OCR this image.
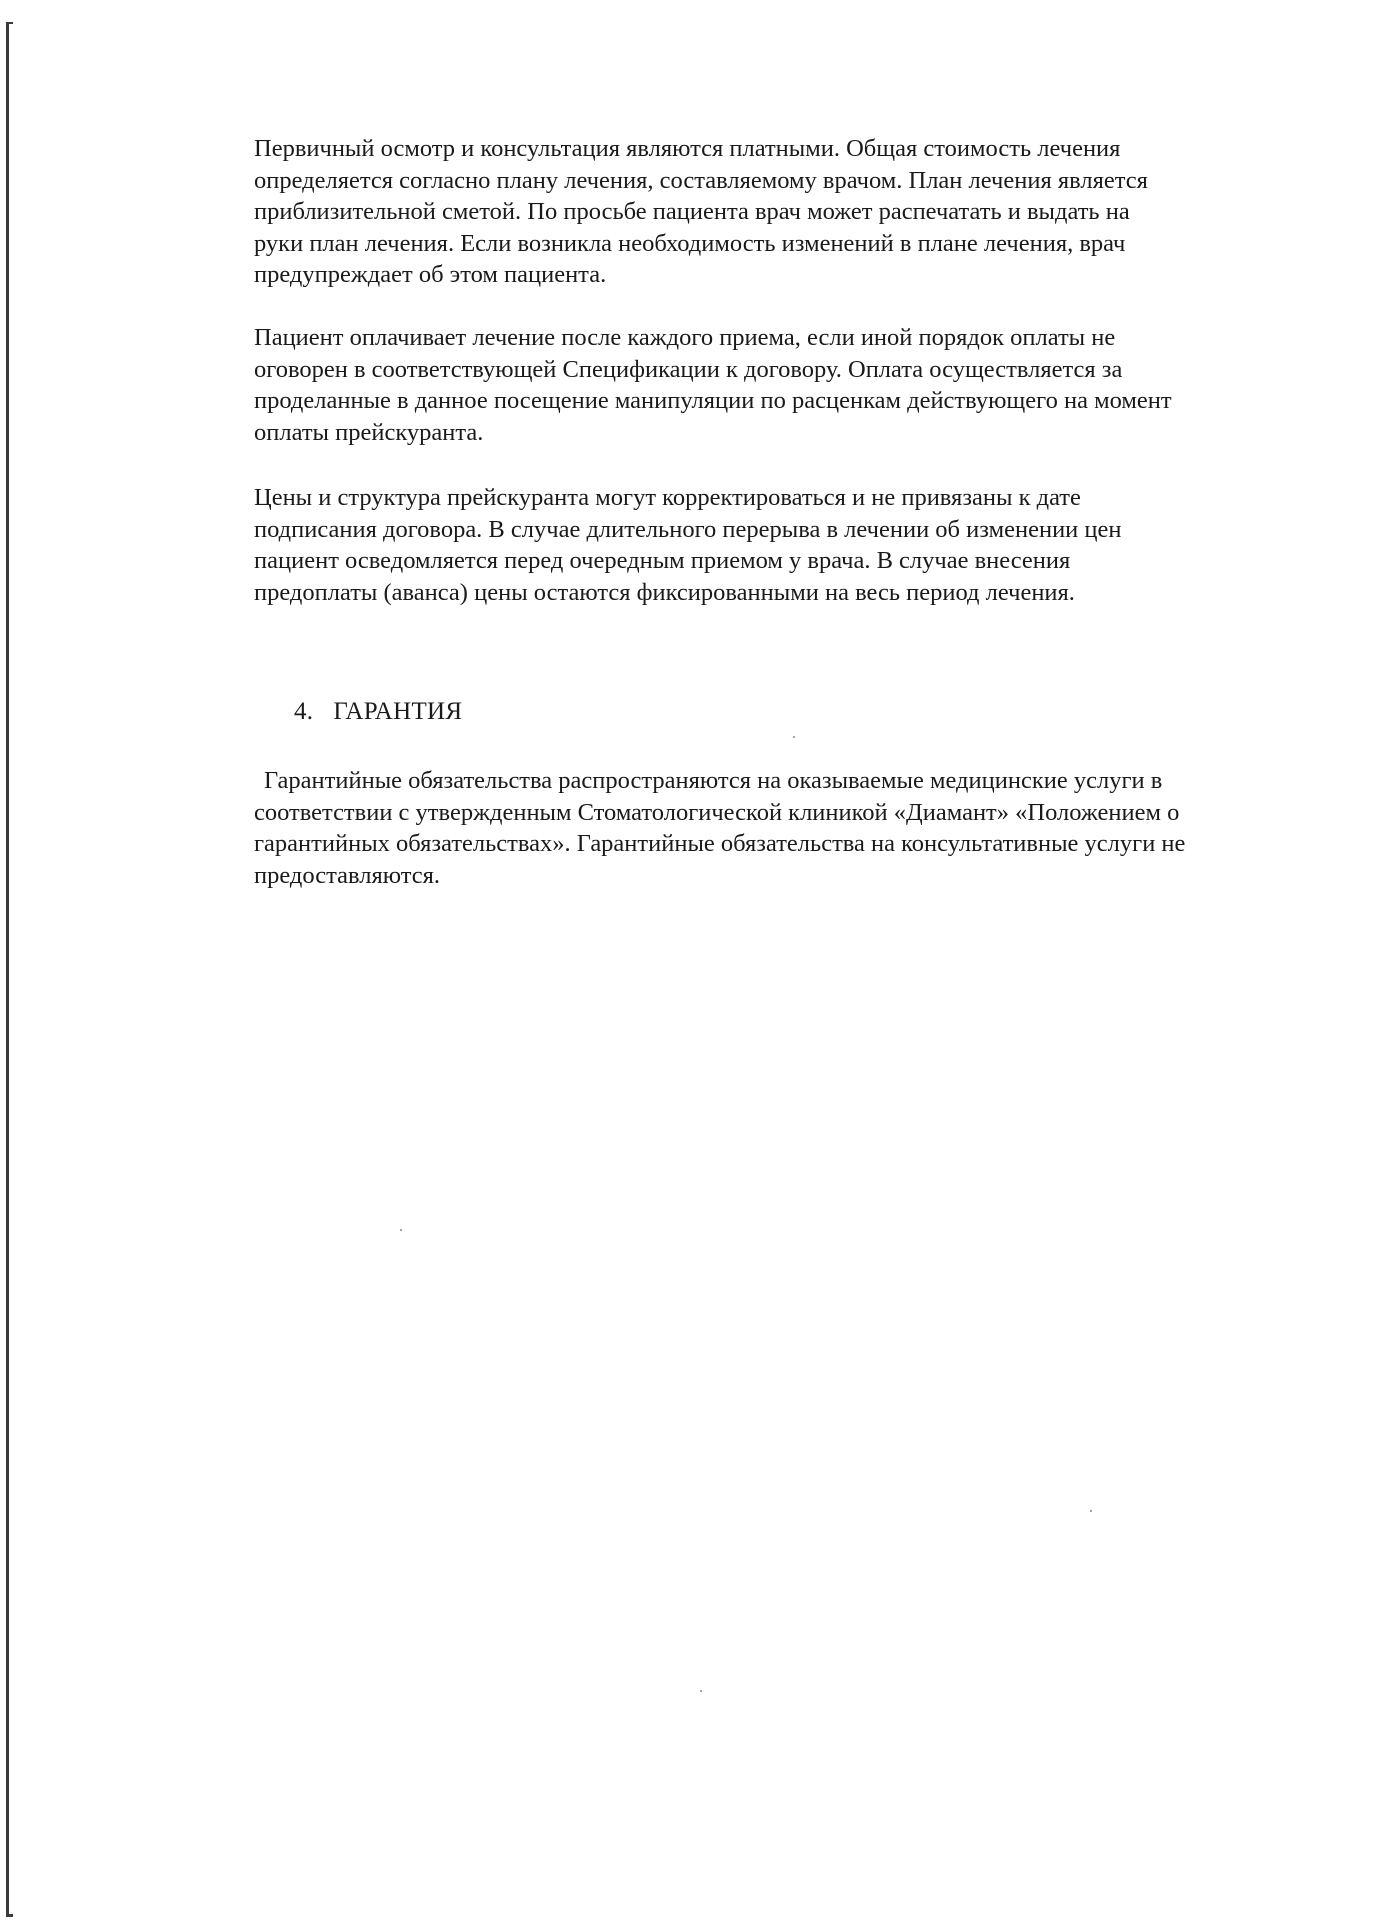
Первичный осмотр и консультация являются платными. Общая стоимость лечения
определяется согласно плану лечения, составляемому врачом. План лечения является
приблизительной сметой. По просьбе пациента врач может распечатать и выдать на
руки план лечения. Если возникла необходимость изменений в плане лечения, врач
предупреждает об этом пациента.

Пациент оплачивает лечение после каждого приема, если иной порядок оплаты не
оговорен в соответствующей Спецификации к договору. Оплата осуществляется за
проделанные в данное посещение манипуляции по расценкам действующего на момент
оплаты прейскуранта.

Цены и структура прейскуранта могут корректироваться и не привязаны к дате
подписания договора. В случае длительного перерыва в лечении об изменении цен
пациент осведомляется перед очередным приемом у врача. В случае внесения
предоплаты (аванса) цены остаются фиксированными на весь период лечения.

4. ГАРАНТИЯ

Гарантийные обязательства распространяются на оказываемые медицинские услуги в
соответствии с утвержденным Стоматологической клиникой «Диамант» «Положением о
гарантийных обязательствах». Гарантийные обязательства на консультативные услуги не
предоставляются.
